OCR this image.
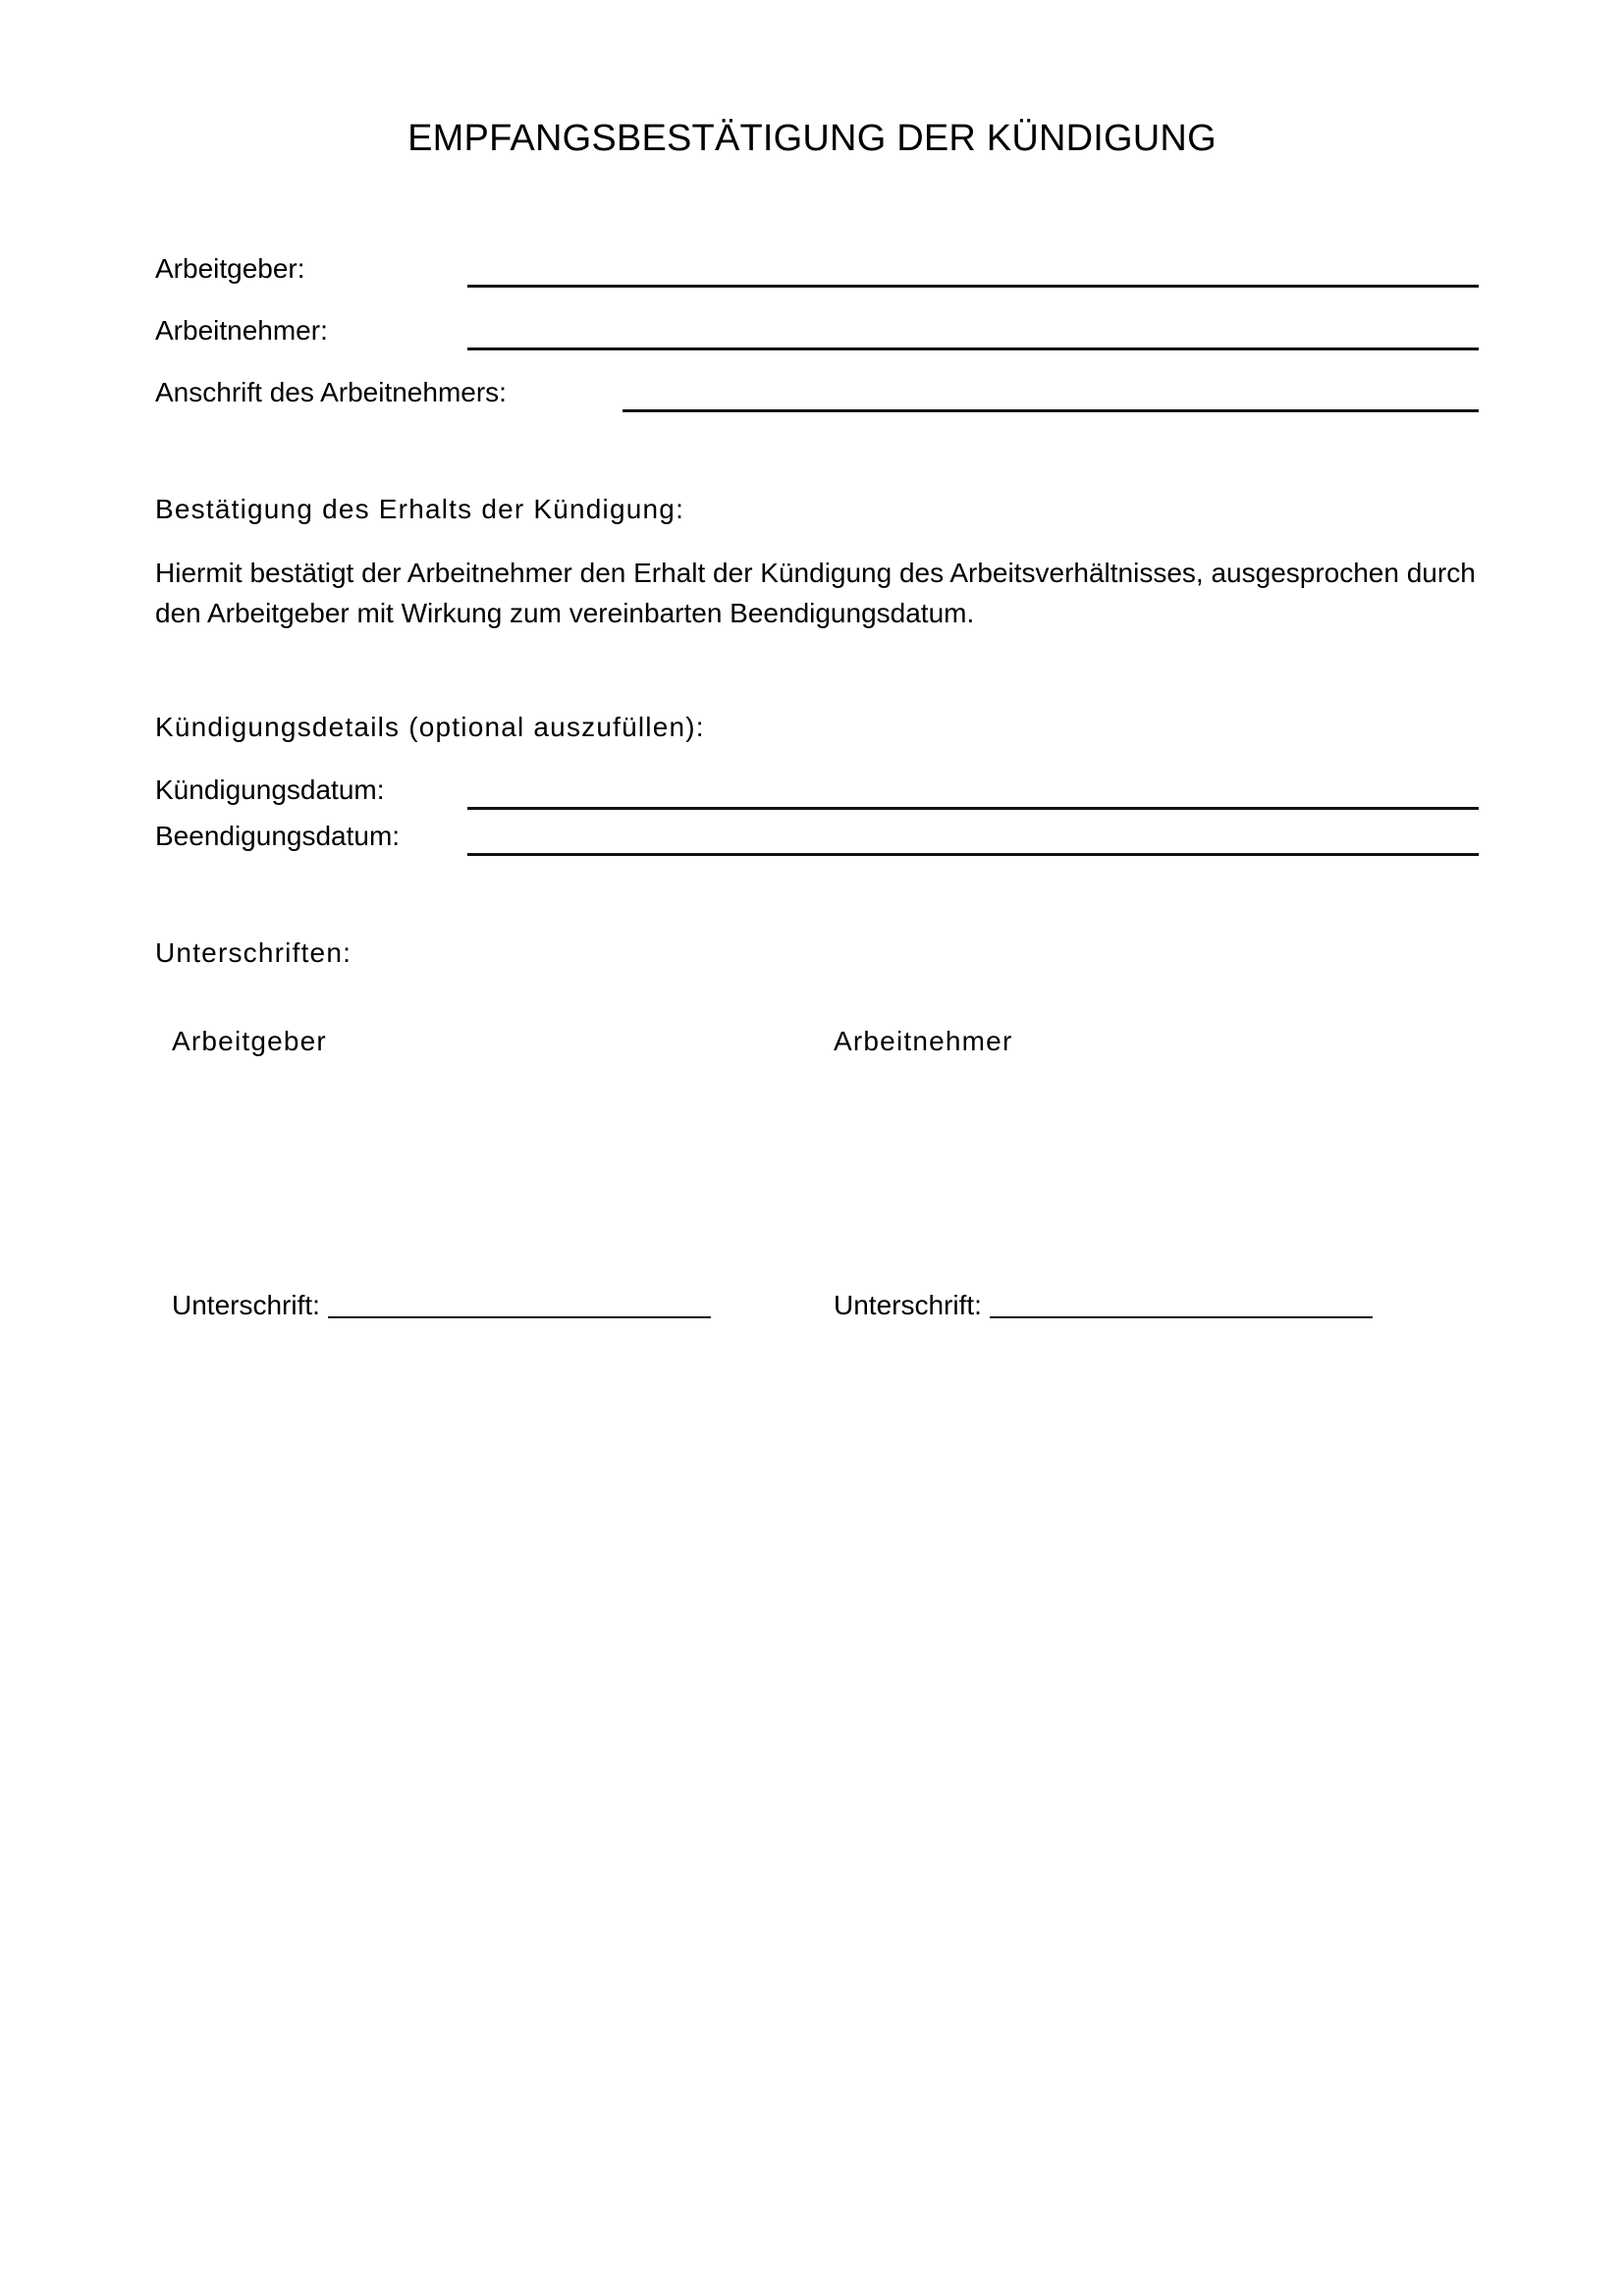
EMPFANGSBESTÄTIGUNG DER KÜNDIGUNG
Arbeitgeber:
Arbeitnehmer:
Anschrift des Arbeitnehmers:
Bestätigung des Erhalts der Kündigung:
Hiermit bestätigt der Arbeitnehmer den Erhalt der Kündigung des Arbeitsverhältnisses, ausgesprochen durch
den Arbeitgeber mit Wirkung zum vereinbarten Beendigungsdatum.
Kündigungsdetails (optional auszufüllen):
Kündigungsdatum:
Beendigungsdatum:
Unterschriften:
Arbeitgeber	Arbeitnehmer
Unterschrift:	Unterschrift:
